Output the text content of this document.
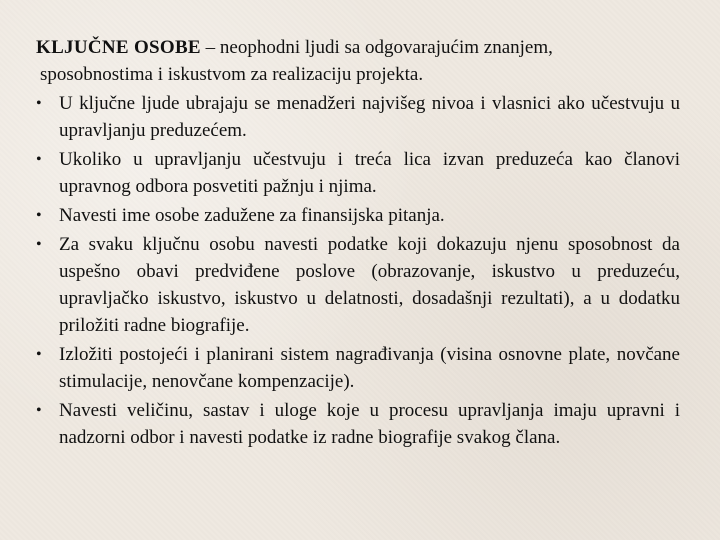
KLJUČNE OSOBE – neophodni ljudi sa odgovarajućim znanjem,
sposobnostima i iskustvom za realizaciju projekta.

• U ključne ljude ubrajaju se menadžeri najvišeg nivoa i vlasnici ako učestvuju u upravljanju preduzećem.
• Ukoliko u upravljanju učestvuju i treća lica izvan preduzeća kao članovi upravnog odbora posvetiti pažnju i njima.
• Navesti ime osobe zadužene za finansijska pitanja.
• Za svaku ključnu osobu navesti podatke koji dokazuju njenu sposobnost da uspešno obavi predviđene poslove (obrazovanje, iskustvo u preduzeću, upravljačko iskustvo, iskustvo u delatnosti, dosadašnji rezultati), a u dodatku priložiti radne biografije.
• Izložiti postojeći i planirani sistem nagrađivanja (visina osnovne plate, novčane stimulacije, nenovčane kompenzacije).
• Navesti veličinu, sastav i uloge koje u procesu upravljanja imaju upravni i nadzorni odbor i navesti podatke iz radne biografije svakog člana.
